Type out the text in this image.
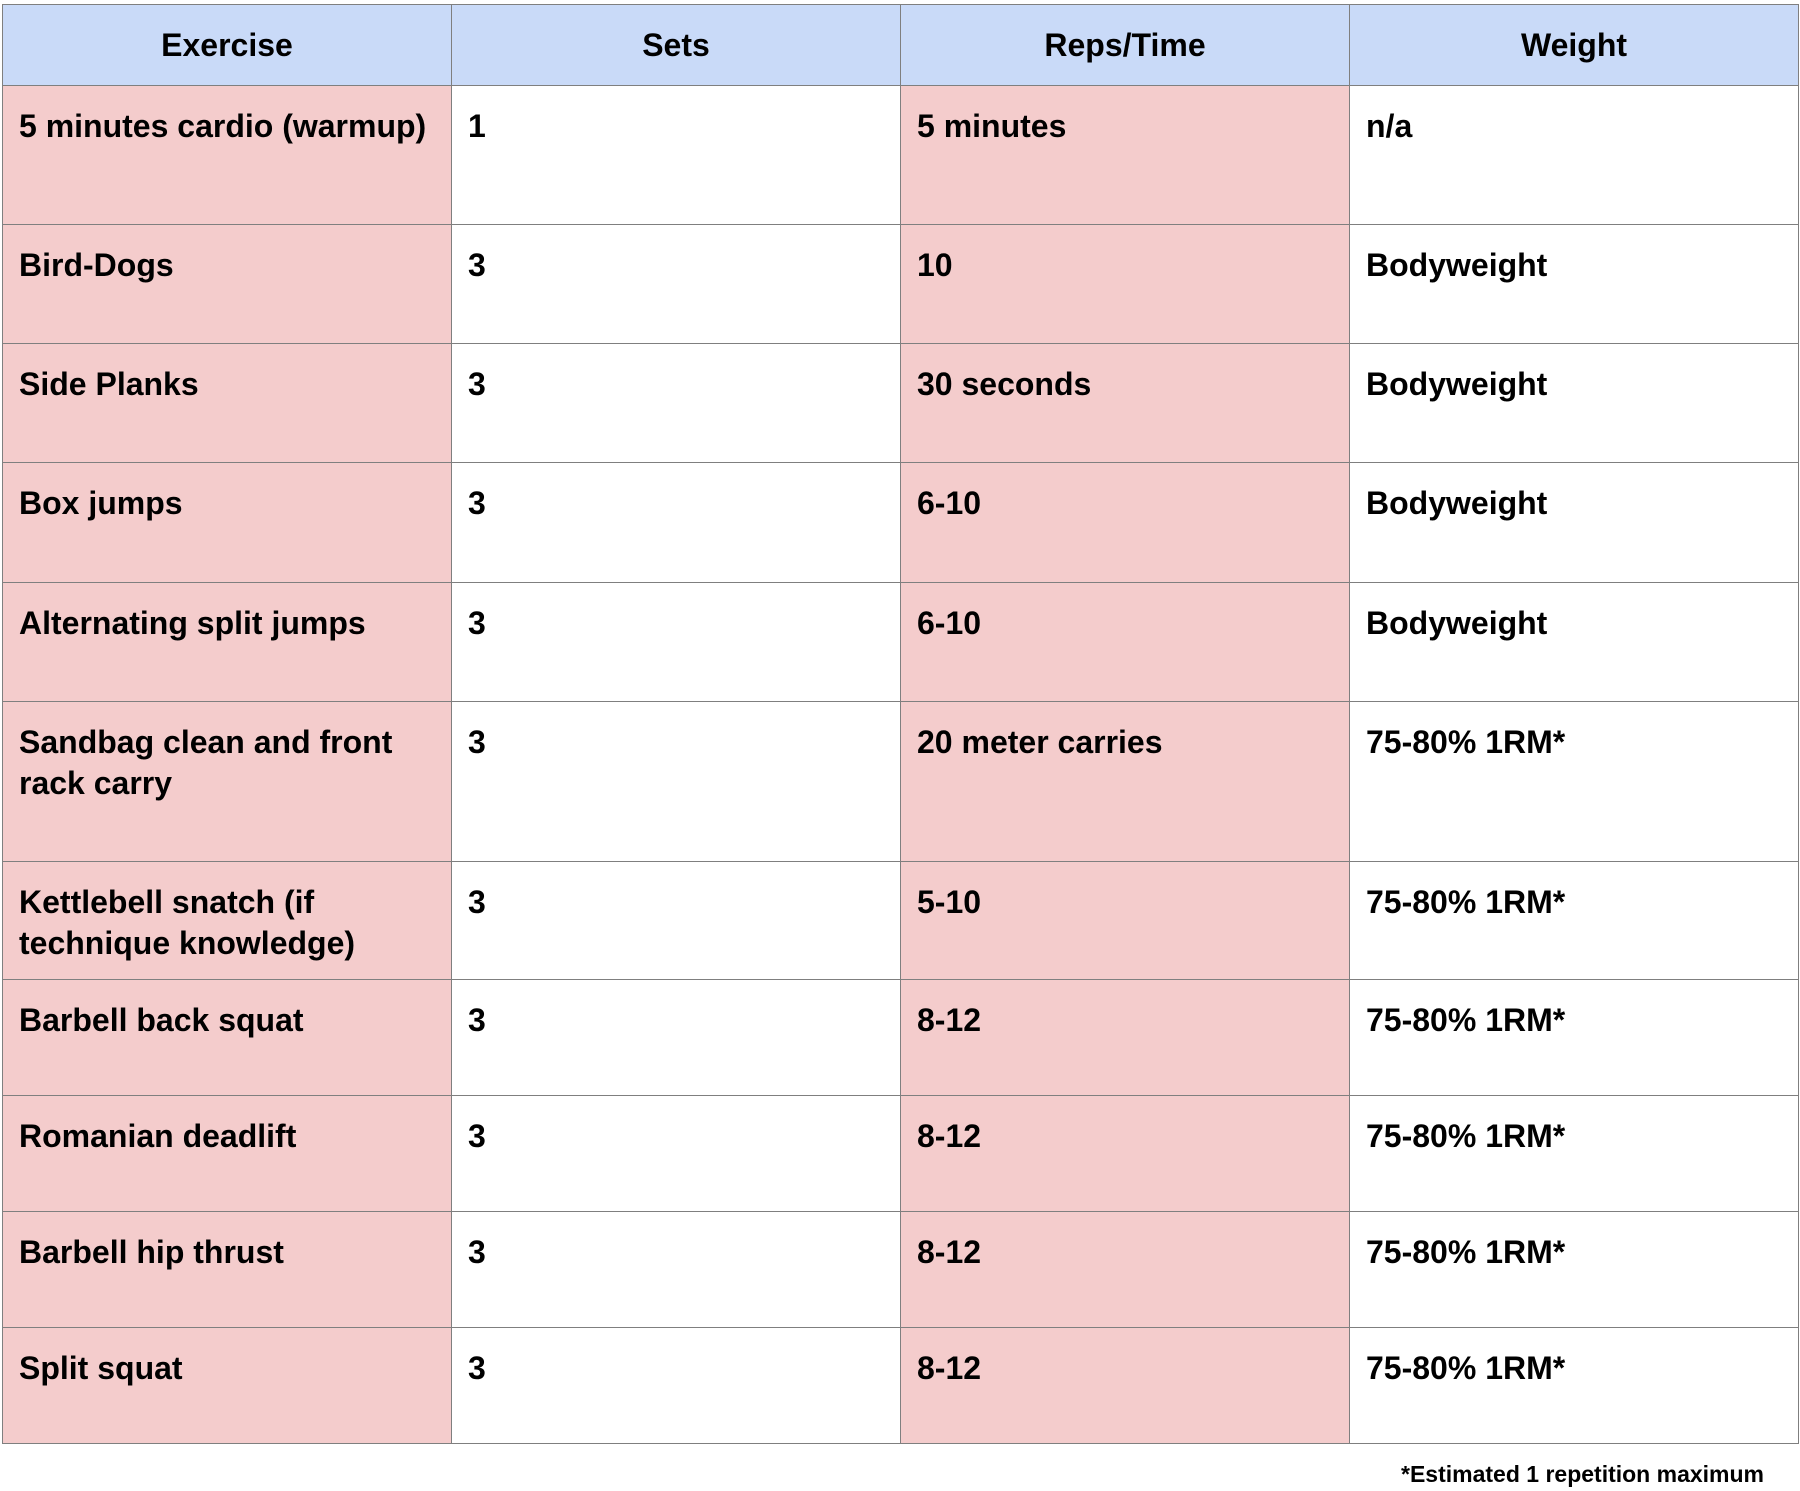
Exercise	Sets	Reps/Time	Weight
5 minutes cardio (warmup)	1	5 minutes	n/a
Bird-Dogs	3	10	Bodyweight
Side Planks	3	30 seconds	Bodyweight
Box jumps	3	6-10	Bodyweight
Alternating split jumps	3	6-10	Bodyweight
Sandbag clean and front rack carry	3	20 meter carries	75-80% 1RM*
Kettlebell snatch (if technique knowledge)	3	5-10	75-80% 1RM*
Barbell back squat	3	8-12	75-80% 1RM*
Romanian deadlift	3	8-12	75-80% 1RM*
Barbell hip thrust	3	8-12	75-80% 1RM*
Split squat	3	8-12	75-80% 1RM*
*Estimated 1 repetition maximum
